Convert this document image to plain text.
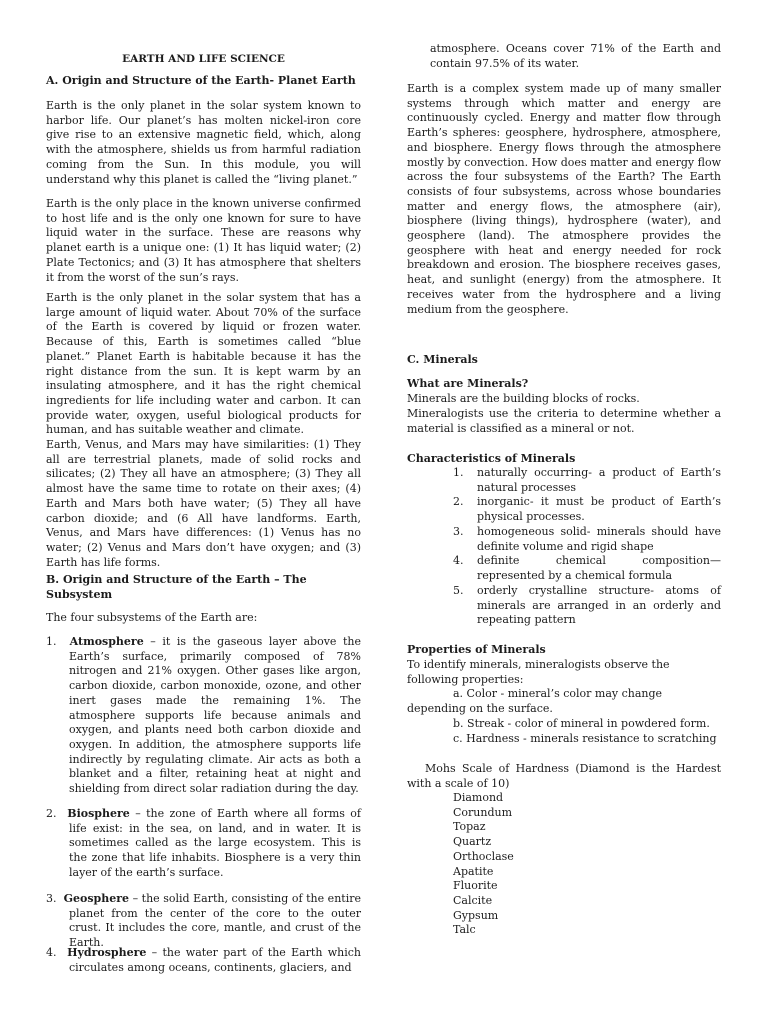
EARTH AND LIFE SCIENCE
A. Origin and Structure of the Earth- Planet Earth

Earth is the only planet in the solar system known to harbor life. Our planet’s has molten nickel-iron core give rise to an extensive magnetic field, which, along with the atmosphere, shields us from harmful radiation coming from the Sun. In this module, you will understand why this planet is called the “living planet.”

Earth is the only place in the known universe confirmed to host life and is the only one known for sure to have liquid water in the surface. These are reasons why planet earth is a unique one: (1) It has liquid water; (2) Plate Tectonics; and (3) It has atmosphere that shelters it from the worst of the sun’s rays.

Earth is the only planet in the solar system that has a large amount of liquid water. About 70% of the surface of the Earth is covered by liquid or frozen water. Because of this, Earth is sometimes called “blue planet.” Planet Earth is habitable because it has the right distance from the sun. It is kept warm by an insulating atmosphere, and it has the right chemical ingredients for life including water and carbon. It can provide water, oxygen, useful biological products for human, and has suitable weather and climate.

Earth, Venus, and Mars may have similarities: (1) They all are terrestrial planets, made of solid rocks and silicates; (2) They all have an atmosphere; (3) They all almost have the same time to rotate on their axes; (4) Earth and Mars both have water; (5) They all have carbon dioxide; and (6 All have landforms. Earth, Venus, and Mars have differences: (1) Venus has no water; (2) Venus and Mars don’t have oxygen; and (3) Earth has life forms.

B. Origin and Structure of the Earth – The
Subsystem

The four subsystems of the Earth are:

1. Atmosphere – it is the gaseous layer above the Earth’s surface, primarily composed of 78% nitrogen and 21% oxygen. Other gases like argon, carbon dioxide, carbon monoxide, ozone, and other inert gases made the remaining 1%. The atmosphere supports life because animals and oxygen, and plants need both carbon dioxide and oxygen. In addition, the atmosphere supports life indirectly by regulating climate. Air acts as both a blanket and a filter, retaining heat at night and shielding from direct solar radiation during the day.

2. Biosphere – the zone of Earth where all forms of life exist: in the sea, on land, and in water. It is sometimes called as the large ecosystem. This is the zone that life inhabits. Biosphere is a very thin layer of the earth’s surface.

3. Geosphere – the solid Earth, consisting of the entire planet from the center of the core to the outer crust. It includes the core, mantle, and crust of the Earth.

4. Hydrosphere – the water part of the Earth which circulates among oceans, continents, glaciers, and

atmosphere. Oceans cover 71% of the Earth and contain 97.5% of its water.

Earth is a complex system made up of many smaller systems through which matter and energy are continuously cycled. Energy and matter flow through Earth’s spheres: geosphere, hydrosphere, atmosphere, and biosphere. Energy flows through the atmosphere mostly by convection. How does matter and energy flow across the four subsystems of the Earth? The Earth consists of four subsystems, across whose boundaries matter and energy flows, the atmosphere (air), biosphere (living things), hydrosphere (water), and geosphere (land). The atmosphere provides the geosphere with heat and energy needed for rock breakdown and erosion. The biosphere receives gases, heat, and sunlight (energy) from the atmosphere. It receives water from the hydrosphere and a living medium from the geosphere.

C. Minerals
What are Minerals?

Minerals are the building blocks of rocks.

Mineralogists use the criteria to determine whether a material is classified as a mineral or not.

Characteristics of Minerals
1. naturally occurring- a product of Earth’s natural processes

2. inorganic- it must be product of Earth’s physical processes.

3. homogeneous solid- minerals should have definite volume and rigid shape

4. definite chemical composition—represented by a chemical formula

5. orderly crystalline structure- atoms of minerals are arranged in an orderly and repeating pattern

Properties of Minerals

To identify minerals, mineralogists observe the following properties:

a. Color - mineral’s color may change depending on the surface.

b. Streak - color of mineral in powdered form.

c. Hardness - minerals resistance to scratching

Mohs Scale of Hardness (Diamond is the Hardest with a scale of 10)

Diamond
Corundum
Topaz
Quartz
Orthoclase
Apatite
Fluorite
Calcite
Gypsum
Talc
